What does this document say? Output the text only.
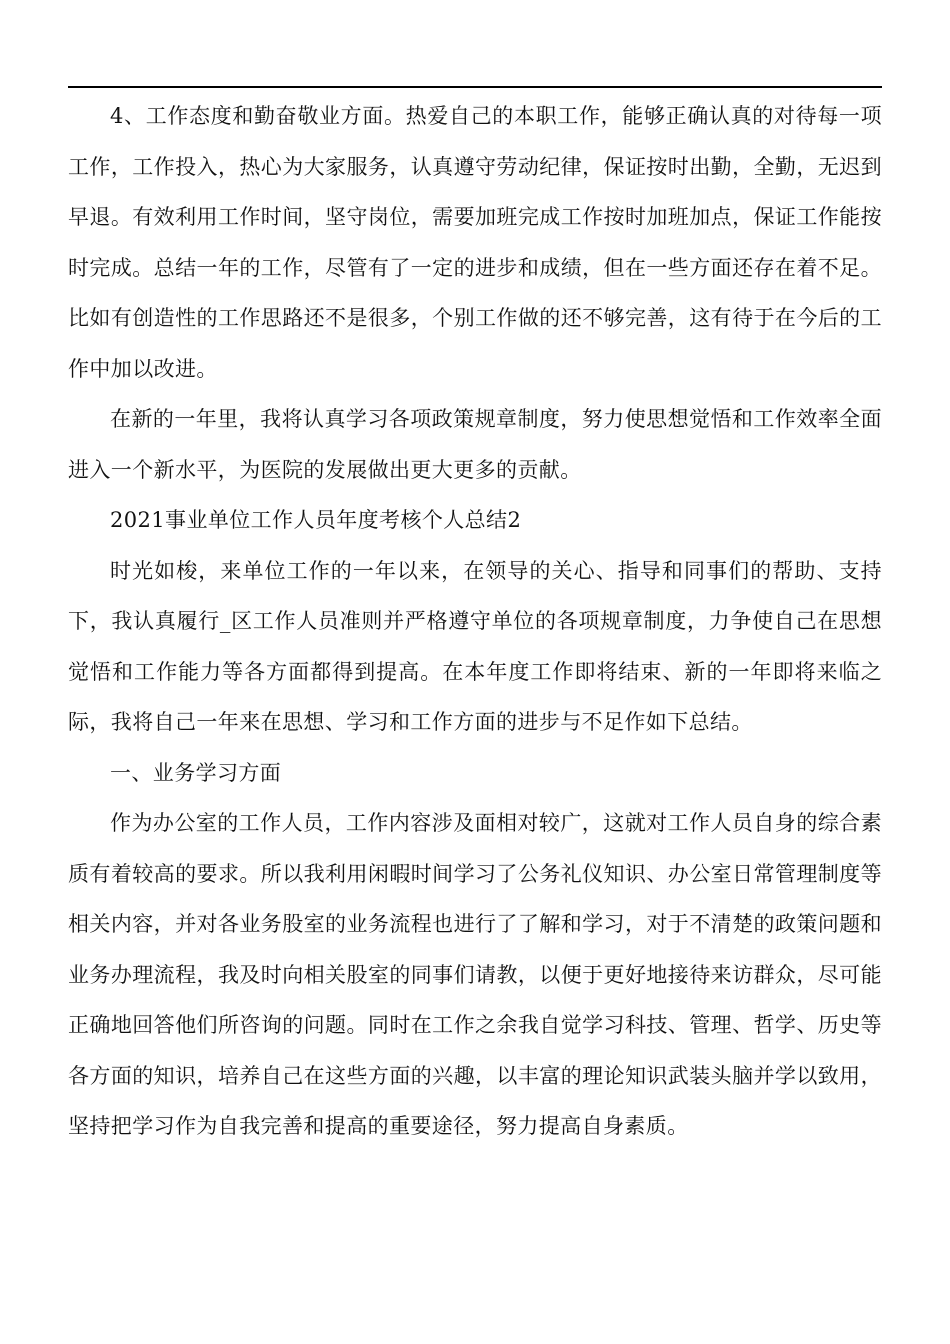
4、工作态度和勤奋敬业方面。热爱自己的本职工作，能够正确认真的对待每一项工作，工作投入，热心为大家服务，认真遵守劳动纪律，保证按时出勤，全勤，无迟到早退。有效利用工作时间，坚守岗位，需要加班完成工作按时加班加点，保证工作能按时完成。总结一年的工作，尽管有了一定的进步和成绩，但在一些方面还存在着不足。比如有创造性的工作思路还不是很多，个别工作做的还不够完善，这有待于在今后的工作中加以改进。

在新的一年里，我将认真学习各项政策规章制度，努力使思想觉悟和工作效率全面进入一个新水平，为医院的发展做出更大更多的贡献。

2021事业单位工作人员年度考核个人总结2

时光如梭，来单位工作的一年以来，在领导的关心、指导和同事们的帮助、支持下，我认真履行_区工作人员准则并严格遵守单位的各项规章制度，力争使自己在思想觉悟和工作能力等各方面都得到提高。在本年度工作即将结束、新的一年即将来临之际，我将自己一年来在思想、学习和工作方面的进步与不足作如下总结。

一、业务学习方面

作为办公室的工作人员，工作内容涉及面相对较广，这就对工作人员自身的综合素质有着较高的要求。所以我利用闲暇时间学习了公务礼仪知识、办公室日常管理制度等相关内容，并对各业务股室的业务流程也进行了了解和学习，对于不清楚的政策问题和业务办理流程，我及时向相关股室的同事们请教，以便于更好地接待来访群众，尽可能正确地回答他们所咨询的问题。同时在工作之余我自觉学习科技、管理、哲学、历史等各方面的知识，培养自己在这些方面的兴趣，以丰富的理论知识武装头脑并学以致用，坚持把学习作为自我完善和提高的重要途径，努力提高自身素质。
